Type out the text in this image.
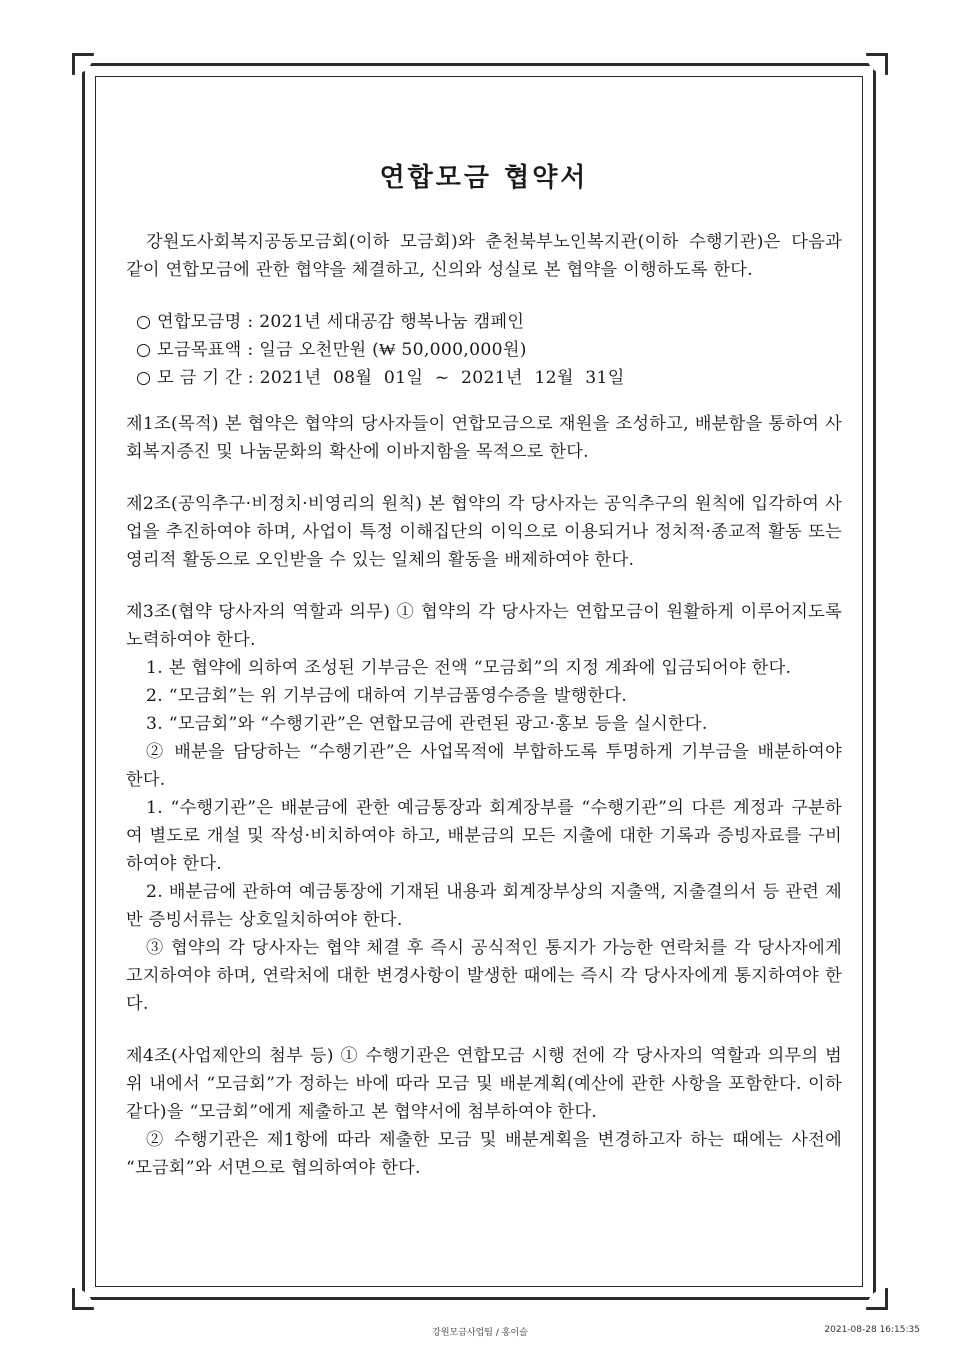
연합모금 협약서

강원도사회복지공동모금회(이하 모금회)와 춘천북부노인복지관(이하 수행기관)은 다음과 같이 연합모금에 관한 협약을 체결하고, 신의와 성실로 본 협약을 이행하도록 한다.

○ 연합모금명 : 2021년 세대공감 행복나눔 캠페인
○ 모금목표액 : 일금 오천만원 (₩ 50,000,000원)
○ 모 금 기 간 : 2021년  08월  01일  ~  2021년  12월  31일

제1조(목적) 본 협약은 협약의 당사자들이 연합모금으로 재원을 조성하고, 배분함을 통하여 사회복지증진 및 나눔문화의 확산에 이바지함을 목적으로 한다.

제2조(공익추구·비정치·비영리의 원칙) 본 협약의 각 당사자는 공익추구의 원칙에 입각하여 사업을 추진하여야 하며, 사업이 특정 이해집단의 이익으로 이용되거나 정치적·종교적 활동 또는 영리적 활동으로 오인받을 수 있는 일체의 활동을 배제하여야 한다.

제3조(협약 당사자의 역할과 의무) ① 협약의 각 당사자는 연합모금이 원활하게 이루어지도록 노력하여야 한다.

1. 본 협약에 의하여 조성된 기부금은 전액 “모금회”의 지정 계좌에 입금되어야 한다.

2. “모금회”는 위 기부금에 대하여 기부금품영수증을 발행한다.

3. “모금회”와 “수행기관”은 연합모금에 관련된 광고·홍보 등을 실시한다.

② 배분을 담당하는 “수행기관”은 사업목적에 부합하도록 투명하게 기부금을 배분하여야 한다.

1. “수행기관”은 배분금에 관한 예금통장과 회계장부를 “수행기관”의 다른 계정과 구분하여 별도로 개설 및 작성·비치하여야 하고, 배분금의 모든 지출에 대한 기록과 증빙자료를 구비하여야 한다.

2. 배분금에 관하여 예금통장에 기재된 내용과 회계장부상의 지출액, 지출결의서 등 관련 제반 증빙서류는 상호일치하여야 한다.

③ 협약의 각 당사자는 협약 체결 후 즉시 공식적인 통지가 가능한 연락처를 각 당사자에게 고지하여야 하며, 연락처에 대한 변경사항이 발생한 때에는 즉시 각 당사자에게 통지하여야 한다.

제4조(사업제안의 첨부 등) ① 수행기관은 연합모금 시행 전에 각 당사자의 역할과 의무의 범위 내에서 “모금회”가 정하는 바에 따라 모금 및 배분계획(예산에 관한 사항을 포함한다. 이하 같다)을 “모금회”에게 제출하고 본 협약서에 첨부하여야 한다.

② 수행기관은 제1항에 따라 제출한 모금 및 배분계획을 변경하고자 하는 때에는 사전에 “모금회”와 서면으로 협의하여야 한다.

강원모금사업팀 / 홍이슬	2021-08-28 16:15:35
